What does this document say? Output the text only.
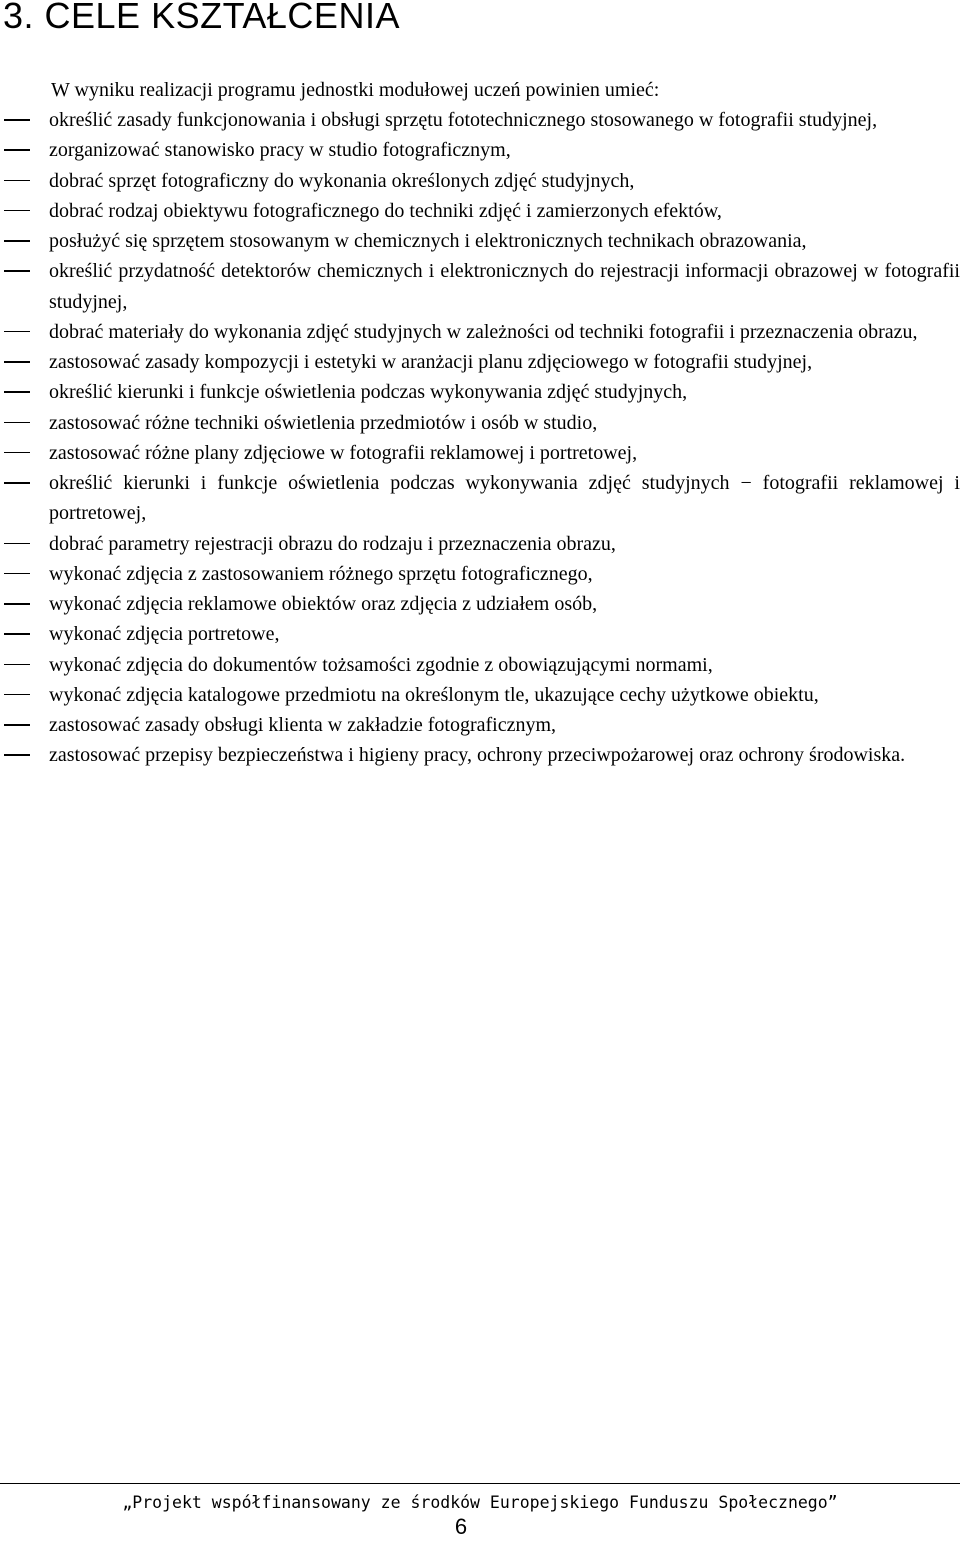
3. CELE KSZTAŁCENIA
W wyniku realizacji programu jednostki modułowej uczeń powinien umieć:
określić zasady funkcjonowania i obsługi sprzętu fototechnicznego stosowanego w fotografii studyjnej,
zorganizować stanowisko pracy w studio fotograficznym,
dobrać sprzęt fotograficzny do wykonania określonych zdjęć studyjnych,
dobrać rodzaj obiektywu fotograficznego do techniki zdjęć i zamierzonych efektów,
posłużyć się sprzętem stosowanym w chemicznych i elektronicznych technikach obrazowania,
określić przydatność detektorów chemicznych i elektronicznych do rejestracji informacji obrazowej w fotografii studyjnej,
dobrać materiały do wykonania zdjęć studyjnych w zależności od techniki fotografii i przeznaczenia obrazu,
zastosować zasady kompozycji i estetyki w aranżacji planu zdjęciowego w fotografii studyjnej,
określić kierunki i funkcje oświetlenia podczas wykonywania zdjęć studyjnych,
zastosować różne techniki oświetlenia przedmiotów i osób w studio,
zastosować różne plany zdjęciowe w fotografii reklamowej i portretowej,
określić kierunki i funkcje oświetlenia podczas wykonywania zdjęć studyjnych − fotografii reklamowej i portretowej,
dobrać parametry rejestracji obrazu do rodzaju i przeznaczenia obrazu,
wykonać zdjęcia z zastosowaniem różnego sprzętu fotograficznego,
wykonać zdjęcia reklamowe obiektów oraz zdjęcia z udziałem osób,
wykonać zdjęcia portretowe,
wykonać zdjęcia do dokumentów tożsamości zgodnie z obowiązującymi normami,
wykonać zdjęcia katalogowe przedmiotu na określonym tle, ukazujące cechy użytkowe obiektu,
zastosować zasady obsługi klienta w zakładzie fotograficznym,
zastosować przepisy bezpieczeństwa i higieny pracy, ochrony przeciwpożarowej oraz ochrony środowiska.
„Projekt współfinansowany ze środków Europejskiego Funduszu Społecznego”
6
